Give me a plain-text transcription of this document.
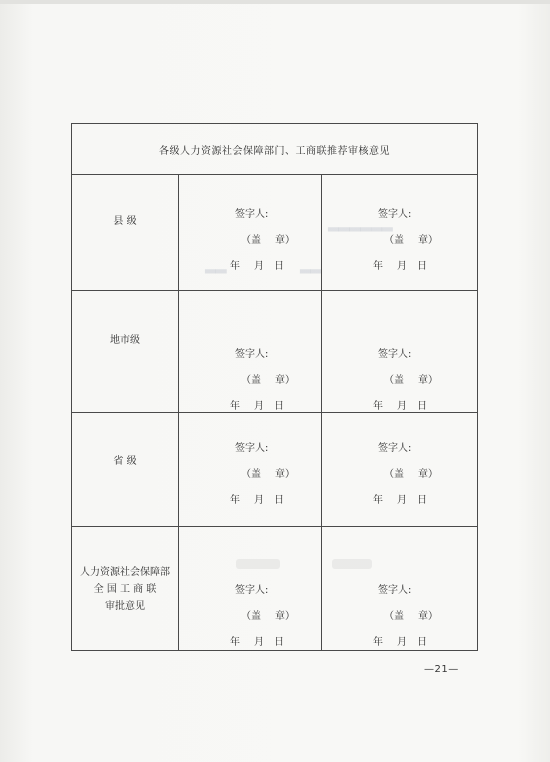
▂▂▂▂▂▂
▂▂	▂▂
各级人力资源社会保障部门、工商联推荐审核意见
县 级
地市级
省 级
人力资源社会保障部
全 国 工 商 联
审批意见
签字人:
（盖 章）
年 月 日
签字人:
（盖 章）
年 月 日
签字人:
（盖 章）
年 月 日
签字人:
（盖 章）
年 月 日
签字人:
（盖 章）
年 月 日
签字人:
（盖 章）
年 月 日
签字人:
（盖 章）
年 月 日
签字人:
（盖 章）
年 月 日
—21—
